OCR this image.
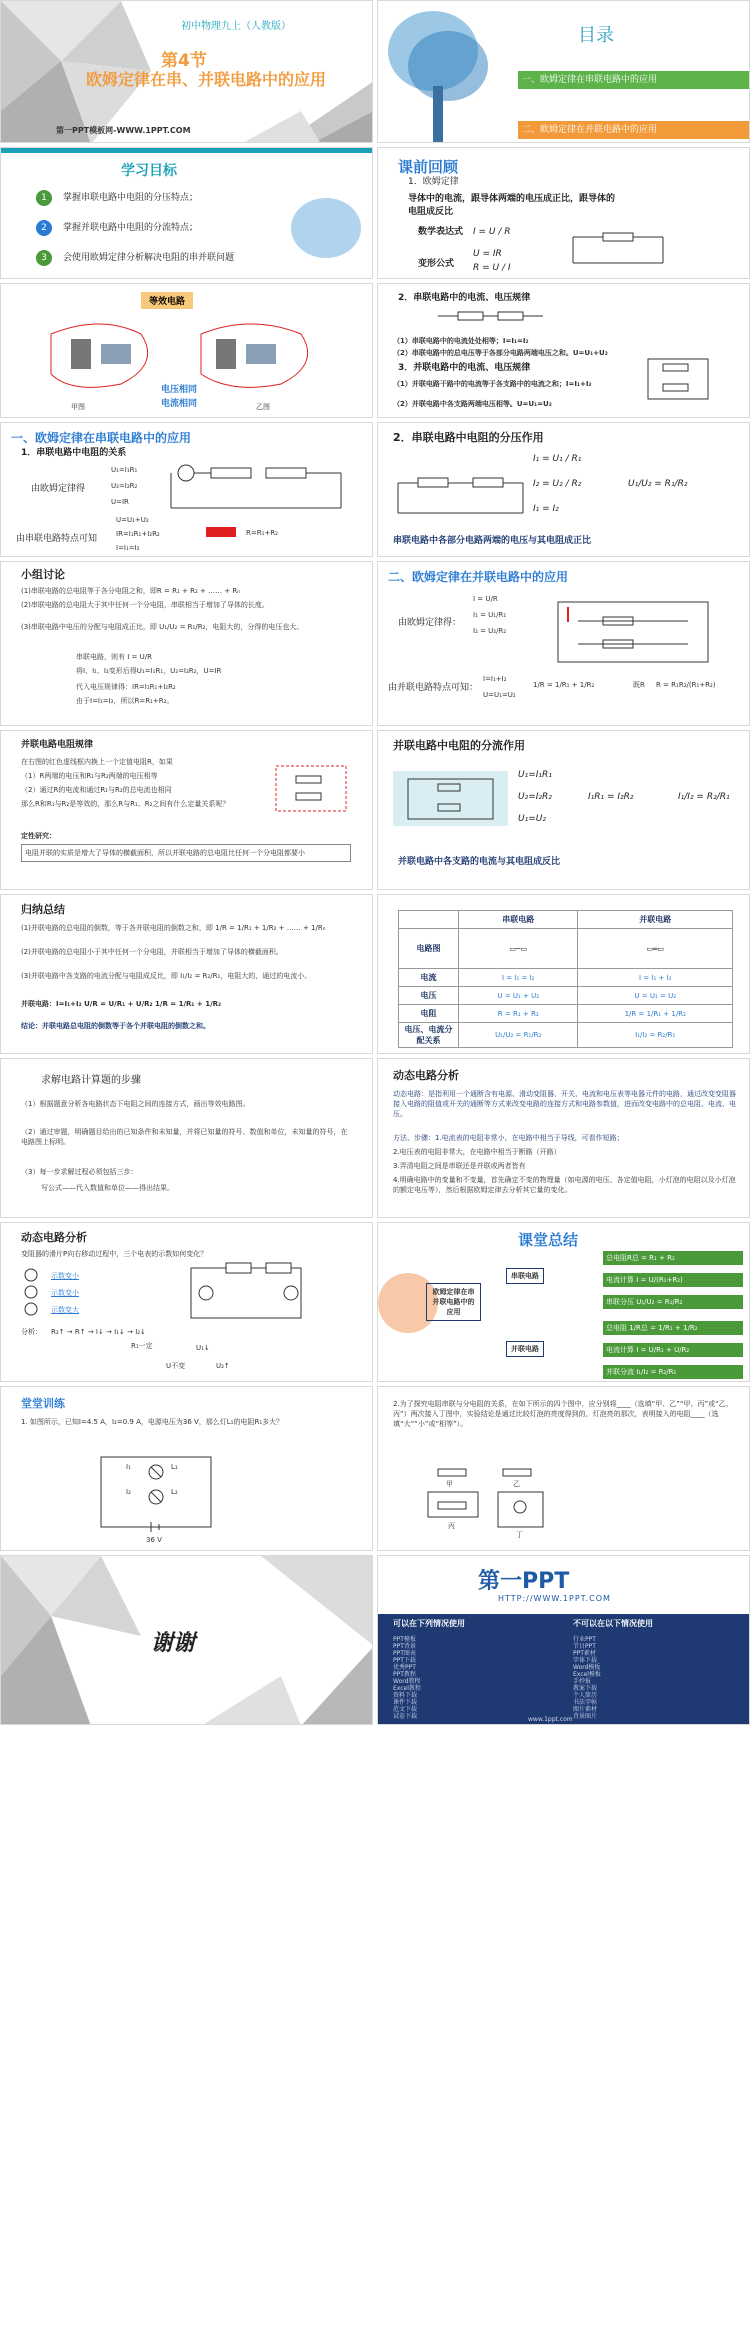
初中物理九上（人教版）
第4节
欧姆定律在串、并联电路中的应用
第一PPT模板网-WWW.1PPT.COM
目录
一、欧姆定律在串联电路中的应用
二、欧姆定律在并联电路中的应用
学习目标
1	掌握串联电路中电阻的分压特点；
2	掌握并联电路中电阻的分流特点；
3	会使用欧姆定律分析解决电阻的串并联问题
课前回顾
1．欧姆定律
导体中的电流，跟导体两端的电压成正比，跟导体的电阻成反比
数学表达式 I = U / R
变形公式
U = IR
R = U / I
等效电路
甲图	乙图
电压相同
电流相同
2．串联电路中的电流、电压规律
（1）串联电路中的电流处处相等；I=I₁=I₂
（2）串联电路中的总电压等于各部分电路两端电压之和。U=U₁+U₂
3．并联电路中的电流、电压规律
（1）并联电路干路中的电流等于各支路中的电流之和；I=I₁+I₂
（2）并联电路中各支路两端电压相等。U=U₁=U₂
一、欧姆定律在串联电路中的应用
1．串联电路中电阻的关系
由欧姆定律得
U₁=I₁R₁
U₂=I₂R₂
U=IR
由串联电路特点可知
U=U₁+U₂
IR=I₁R₁+I₂R₂
I=I₁=I₂
R=R₁+R₂
2．串联电路中电阻的分压作用
I₁ = U₁ / R₁
I₂ = U₂ / R₂
I₁ = I₂
U₁/U₂ = R₁/R₂
串联电路中各部分电路两端的电压与其电阻成正比
小组讨论
(1)串联电路的总电阻等于各分电阻之和，即R = R₁ + R₂ + …… + Rₙ
(2)串联电路的总电阻大于其中任何一个分电阻，串联相当于增加了导体的长度。
(3)串联电路中电压的分配与电阻成正比，即 U₁/U₂ = R₁/R₂，电阻大的，分得的电压也大。
串联电路，则有 I = U/R
将I、I₁、I₂变形后得U₁=I₁R₁，U₂=I₂R₂，U=IR
代入电压规律得：IR=I₁R₁+I₂R₂
由于I=I₁=I₂，所以R=R₁+R₂。
二、欧姆定律在并联电路中的应用
由欧姆定律得：
I = U/R
I₁ = U₁/R₁
I₂ = U₂/R₂
由并联电路特点可知：
I=I₁+I₂
U=U₁=U₂
1/R = 1/R₁ + 1/R₂	既R R = R₁R₂/(R₁+R₂)
并联电路电阻规律
在右图的红色虚线框内换上一个定值电阻R，如果
（1）R两端的电压和R₁与R₂两端的电压相等
（2）通过R的电流和通过R₁与R₂的总电流也相同
那么R和R₁与R₂是等效的，那么R与R₁、R₂之间有什么定量关系呢？
定性研究：
电阻并联的实质是增大了导体的横截面积，所以并联电路的总电阻比任何一个分电阻都要小
并联电路中电阻的分流作用
U₁=I₁R₁
U₂=I₂R₂
U₁=U₂
I₁R₁ = I₂R₂	I₁/I₂ = R₂/R₁
并联电路中各支路的电流与其电阻成反比
归纳总结
(1)并联电路的总电阻的倒数，等于各并联电阻的倒数之和，即 1/R = 1/R₁ + 1/R₂ + …… + 1/Rₙ
(2)并联电路的总电阻小于其中任何一个分电阻，并联相当于增加了导体的横截面积。
(3)并联电路中各支路的电流分配与电阻成反比，即 I₁/I₂ = R₂/R₁，电阻大的，通过的电流小。
并联电路：I=I₁+I₂ U/R = U/R₁ + U/R₂ 1/R = 1/R₁ + 1/R₂
结论：并联电路总电阻的倒数等于各个并联电阻的倒数之和。
	串联电路	并联电路
电路图	▭─▭	▭═▭
电流	I = I₁ = I₂	I = I₁ + I₂
电压	U = U₁ + U₂	U = U₁ = U₂
电阻	R = R₁ + R₂	1/R = 1/R₁ + 1/R₂
电压、电流分配关系	U₁/U₂ = R₁/R₂	I₁/I₂ = R₂/R₁
求解电路计算题的步骤
（1）根据题意分析各电路状态下电阻之间的连接方式，画出等效电路图。
（2）通过审题，明确题目给出的已知条件和未知量，并将已知量的符号、数值和单位，未知量的符号，在电路图上标明。
（3）每一步求解过程必须包括三步：
写公式——代入数值和单位——得出结果。
动态电路分析
动态电路：是指利用一个通断含有电源、滑动变阻器、开关、电流和电压表等电器元件的电路，通过改变变阻器接入电路的阻值或开关的通断等方式来改变电路的连接方式和电路参数值，进而改变电路中的总电阻、电流、电压。
方法、步骤：1.电流表的电阻非常小，在电路中相当于导线，可看作短路；
2.电压表的电阻非常大，在电路中相当于断路（开路）
3.弄清电阻之间是串联还是并联或两者皆有
4.明确电路中的变量和不变量，首先确定不变的物理量（如电源的电压、各定值电阻，小灯泡的电阻以及小灯泡的额定电压等），然后根据欧姆定律去分析其它量的变化。
动态电路分析
变阻器的滑片P向右移动过程中，三个电表的示数如何变化？
示数变小
示数变小
示数变大
分析： R₂↑ → R↑ → I↓ → I₁↓ → I₂↓
R₁一定	U₁↓
U不变	U₂↑
课堂总结
欧姆定律在串并联电路中的应用
串联电路
并联电路
总电阻R总 = R₁ + R₂
电流计算 I = U/(R₁+R₂)
串联分压 U₁/U₂ = R₁/R₂
总电阻 1/R总 = 1/R₁ + 1/R₂
电流计算 I = U/R₁ + U/R₂
并联分流 I₁/I₂ = R₂/R₁
堂堂训练
1. 如图所示，已知I=4.5 A，I₂=0.9 A，电源电压为36 V，那么灯L₁的电阻R₁多大？
L₁
L₂
I₁
I₂
36 V
2.为了探究电阻串联与分电阻的关系，在如下所示的四个图中，应分别将____（选填“甲、乙”“甲、丙”或“乙、丙”）两次接入丁图中，实验结论是通过比较灯泡的亮度得到的，灯泡亮的那次，表明接入的电阻____（选填“大”“小”或“相等”）。
甲	乙
丙
丁
谢谢
第一PPT
HTTP://WWW.1PPT.COM
可以在下列情况使用	不可以在以下情况使用
PPT模板
PPT背景
PPT图表
PPT下载
优秀PPT
PPT教程
Word教程
Excel教程
资料下载
课件下载
范文下载
试卷下载
行业PPT
节日PPT
PPT素材
字体下载
Word模板
Excel模板
手抄报
教案下载
个人简历
书法字帖
图片素材
背景图片
www.1ppt.com
